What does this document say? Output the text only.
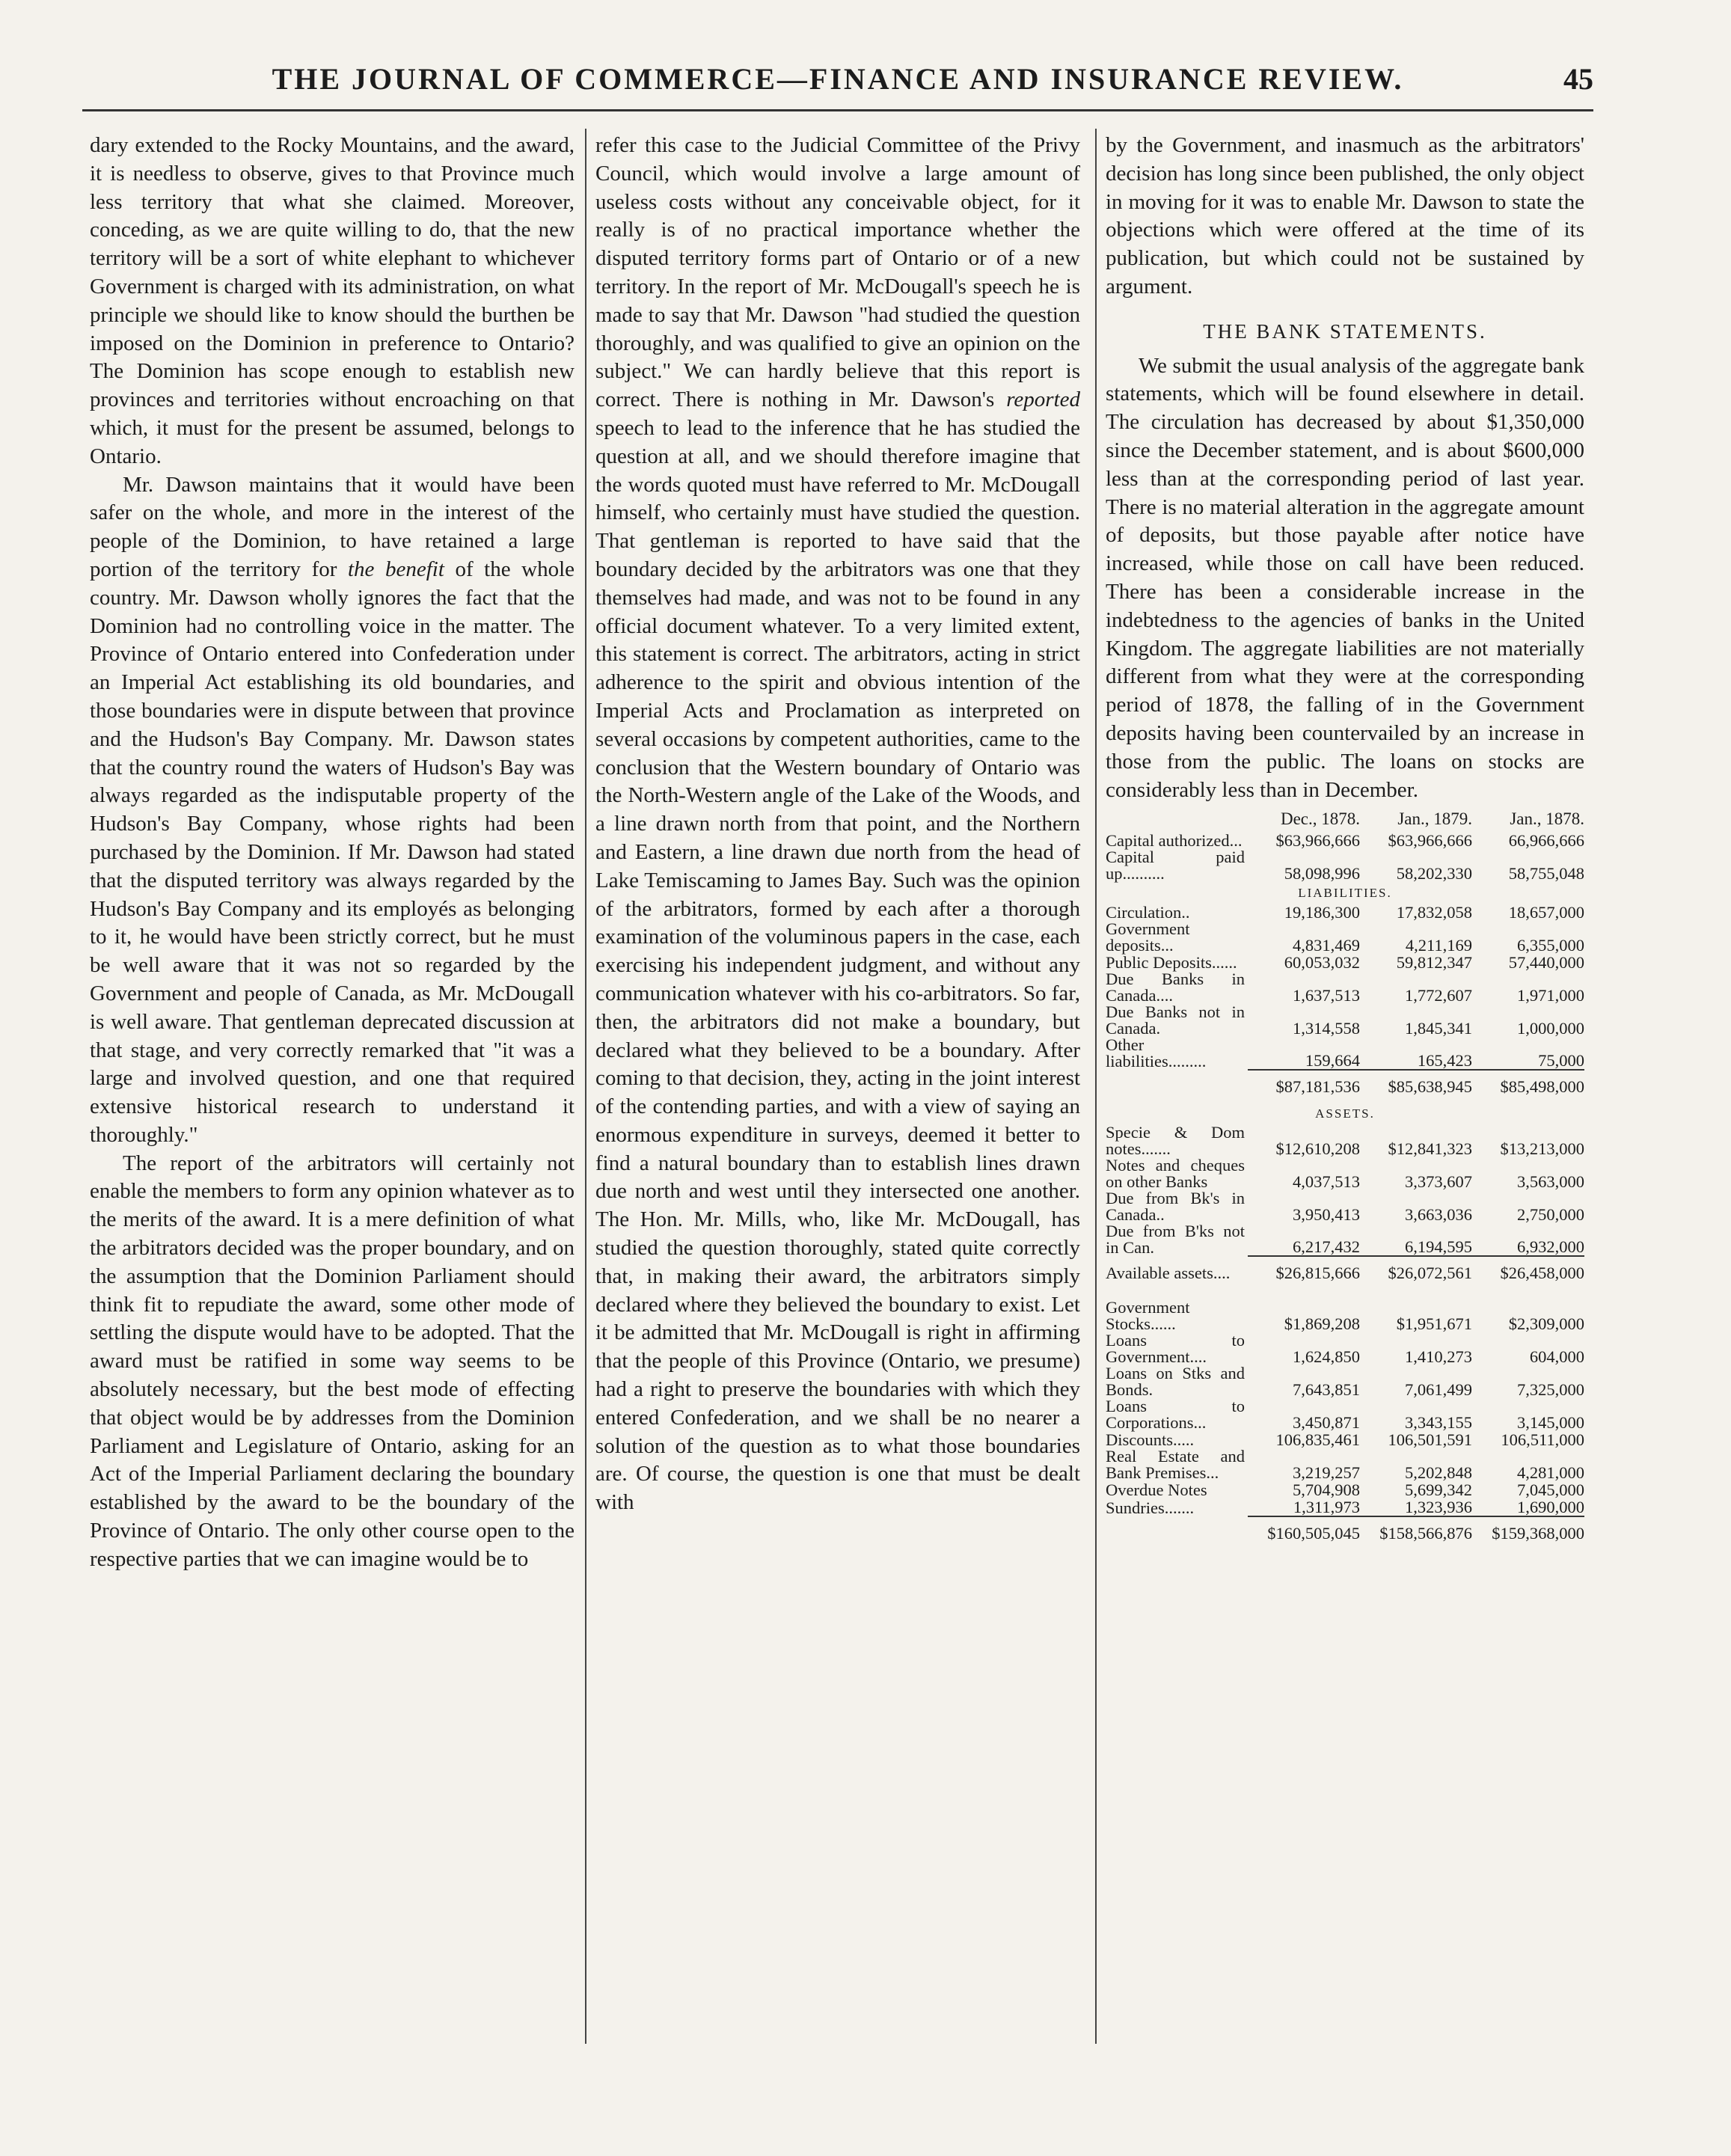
THE JOURNAL OF COMMERCE—FINANCE AND INSURANCE REVIEW.	45

dary extended to the Rocky Mountains, and the award, it is needless to observe, gives to that Province much less territory that what she claimed. Moreover, conceding, as we are quite willing to do, that the new territory will be a sort of white elephant to whichever Government is charged with its administration, on what principle we should like to know should the burthen be imposed on the Dominion in preference to Ontario? The Dominion has scope enough to establish new provinces and territories without encroaching on that which, it must for the present be assumed, belongs to Ontario.

Mr. Dawson maintains that it would have been safer on the whole, and more in the interest of the people of the Dominion, to have retained a large portion of the territory for the benefit of the whole country. Mr. Dawson wholly ignores the fact that the Dominion had no controlling voice in the matter. The Province of Ontario entered into Confederation under an Imperial Act establishing its old boundaries, and those boundaries were in dispute between that province and the Hudson's Bay Company. Mr. Dawson states that the country round the waters of Hudson's Bay was always regarded as the indisputable property of the Hudson's Bay Company, whose rights had been purchased by the Dominion. If Mr. Dawson had stated that the disputed territory was always regarded by the Hudson's Bay Company and its employés as belonging to it, he would have been strictly correct, but he must be well aware that it was not so regarded by the Government and people of Canada, as Mr. McDougall is well aware. That gentleman deprecated discussion at that stage, and very correctly remarked that "it was a large and involved question, and one that required extensive historical research to understand it thoroughly."

The report of the arbitrators will certainly not enable the members to form any opinion whatever as to the merits of the award. It is a mere definition of what the arbitrators decided was the proper boundary, and on the assumption that the Dominion Parliament should think fit to repudiate the award, some other mode of settling the dispute would have to be adopted. That the award must be ratified in some way seems to be absolutely necessary, but the best mode of effecting that object would be by addresses from the Dominion Parliament and Legislature of Ontario, asking for an Act of the Imperial Parliament declaring the boundary established by the award to be the boundary of the Province of Ontario. The only other course open to the respective parties that we can imagine would be to

refer this case to the Judicial Committee of the Privy Council, which would involve a large amount of useless costs without any conceivable object, for it really is of no practical importance whether the disputed territory forms part of Ontario or of a new territory. In the report of Mr. McDougall's speech he is made to say that Mr. Dawson "had studied the question thoroughly, and was qualified to give an opinion on the subject." We can hardly believe that this report is correct. There is nothing in Mr. Dawson's reported speech to lead to the inference that he has studied the question at all, and we should therefore imagine that the words quoted must have referred to Mr. McDougall himself, who certainly must have studied the question. That gentleman is reported to have said that the boundary decided by the arbitrators was one that they themselves had made, and was not to be found in any official document whatever. To a very limited extent, this statement is correct. The arbitrators, acting in strict adherence to the spirit and obvious intention of the Imperial Acts and Proclamation as interpreted on several occasions by competent authorities, came to the conclusion that the Western boundary of Ontario was the North-Western angle of the Lake of the Woods, and a line drawn north from that point, and the Northern and Eastern, a line drawn due north from the head of Lake Temiscaming to James Bay. Such was the opinion of the arbitrators, formed by each after a thorough examination of the voluminous papers in the case, each exercising his independent judgment, and without any communication whatever with his co-arbitrators. So far, then, the arbitrators did not make a boundary, but declared what they believed to be a boundary. After coming to that decision, they, acting in the joint interest of the contending parties, and with a view of saying an enormous expenditure in surveys, deemed it better to find a natural boundary than to establish lines drawn due north and west until they intersected one another. The Hon. Mr. Mills, who, like Mr. McDougall, has studied the question thoroughly, stated quite correctly that, in making their award, the arbitrators simply declared where they believed the boundary to exist. Let it be admitted that Mr. McDougall is right in affirming that the people of this Province (Ontario, we presume) had a right to preserve the boundaries with which they entered Confederation, and we shall be no nearer a solution of the question as to what those boundaries are. Of course, the question is one that must be dealt with

by the Government, and inasmuch as the arbitrators' decision has long since been published, the only object in moving for it was to enable Mr. Dawson to state the objections which were offered at the time of its publication, but which could not be sustained by argument.

THE BANK STATEMENTS.

We submit the usual analysis of the aggregate bank statements, which will be found elsewhere in detail. The circulation has decreased by about $1,350,000 since the December statement, and is about $600,000 less than at the corresponding period of last year. There is no material alteration in the aggregate amount of deposits, but those payable after notice have increased, while those on call have been reduced. There has been a considerable increase in the indebtedness to the agencies of banks in the United Kingdom. The aggregate liabilities are not materially different from what they were at the corresponding period of 1878, the falling of in the Government deposits having been countervailed by an increase in those from the public. The loans on stocks are considerably less than in December.

	Dec., 1878.	Jan., 1879.	Jan., 1878.
Capital authorized...	$63,966,666	$63,966,666	66,966,666
Capital paid up..........	58,098,996	58,202,330	58,755,048
LIABILITIES.			
Circulation..	19,186,300	17,832,058	18,657,000
Government deposits...	4,831,469	4,211,169	6,355,000
Public Deposits......	60,053,032	59,812,347	57,440,000
Due Banks in Canada....	1,637,513	1,772,607	1,971,000
Due Banks not in Canada.	1,314,558	1,845,341	1,000,000
Other liabilities.........	159,664	165,423	75,000
	$87,181,536	$85,638,945	$85,498,000
ASSETS.			
Specie & Dom notes.......	$12,610,208	$12,841,323	$13,213,000
Notes and cheques on other Banks	4,037,513	3,373,607	3,563,000
Due from Bk's in Canada..	3,950,413	3,663,036	2,750,000
Due from B'ks not in Can.	6,217,432	6,194,595	6,932,000
Available assets....	$26,815,666	$26,072,561	$26,458,000

Government Stocks......	$1,869,208	$1,951,671	$2,309,000
Loans to Government....	1,624,850	1,410,273	604,000
Loans on Stks and Bonds.	7,643,851	7,061,499	7,325,000
Loans to Corporations...	3,450,871	3,343,155	3,145,000
Discounts.....	106,835,461	106,501,591	106,511,000
Real Estate and Bank Premises...	3,219,257	5,202,848	4,281,000
Overdue Notes	5,704,908	5,699,342	7,045,000
Sundries.......	1,311,973	1,323,936	1,690,000
	$160,505,045	$158,566,876	$159,368,000
